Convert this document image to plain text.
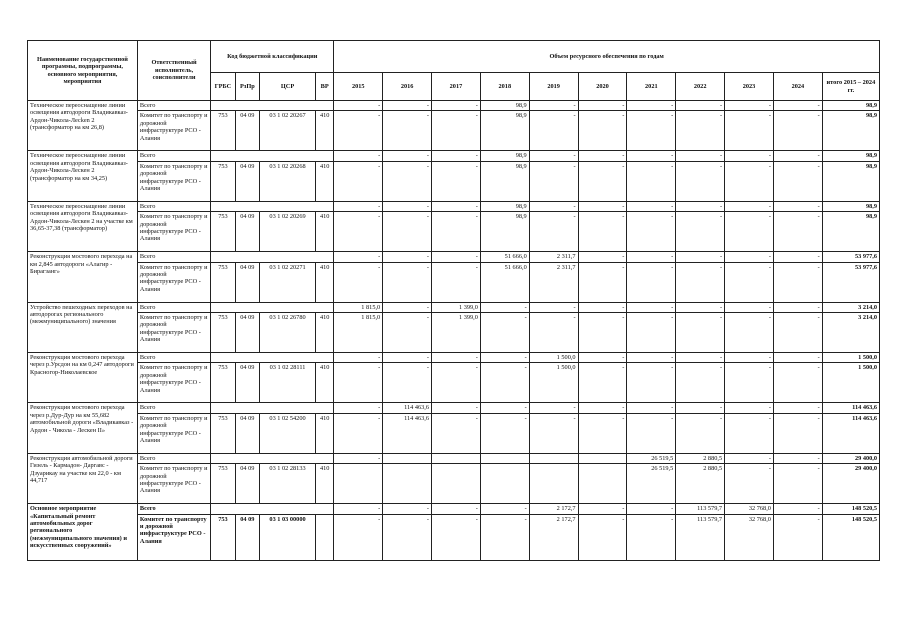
Наименование государственной программы, подпрограммы, основного мероприятия, мероприятия	Ответственный исполнитель, соисполнители	Код бюджетной классификации				Объем ресурсного обеспечения по годам										
		ГРБС	РзПр	ЦСР	ВР	2015	2016	2017	2018	2019	2020	2021	2022	2023	2024	итого 2015 – 2024 гг.
Техническое переоснащение линии освещения автодороги Владикавказ-Ардон-Чикола-Лесken 2 (трансформатор на км 26,8)	Всего					-	-	-	98,9	-	-	-	-	-	-	98,9
	Комитет по транспорту и дорожной инфраструктуре РСО - Алания	753	04 09	03 1 02 20267	410	-	-	-	98,9	-	-	-	-	-	-	98,9
Техническое переоснащение линии освещения автодороги Владикавказ-Ардон-Чикола-Лескен 2 (трансформатор на км 34,25)	Всего					-	-	-	98,9	-	-	-	-	-	-	98,9
	Комитет по транспорту и дорожной инфраструктуре РСО - Алания	753	04 09	03 1 02 20268	410	-	-	-	98,9	-	-	-	-	-	-	98,9
Техническое переоснащение линии освещения автодороги Владикавказ-Ардон-Чикола-Лескен 2 на участке км 36,65-37,38 (трансформатор)	Всего					-	-	-	98,9	-	-	-	-	-	-	98,9
	Комитет по транспорту и дорожной инфраструктуре РСО - Алания	753	04 09	03 1 02 20269	410	-	-	-	98,9	-	-	-	-	-	-	98,9
Реконструкция мостового перехода на км 2,845 автодороги «Алагир - Бирагзанг»	Всего					-	-	-	51 666,0	2 311,7	-	-	-	-	-	53 977,6
	Комитет по транспорту и дорожной инфраструктуре РСО - Алания	753	04 09	03 1 02 20271	410	-	-	-	51 666,0	2 311,7	-	-	-	-	-	53 977,6
Устройство пешеходных переходов на автодорогах регионального (межмуниципального) значения	Всего					1 815,0	-	1 399,0	-	-	-	-	-	-	-	3 214,0
	Комитет по транспорту и дорожной инфраструктуре РСО - Алания	753	04 09	03 1 02 26780	410	1 815,0	-	1 399,0	-	-	-	-	-	-	-	3 214,0
Реконструкция мостового перехода через р.Урсдон на км 0,247 автодороги Красногор-Николаевское	Всего					-	-	-	-	1 500,0	-	-	-	-	-	1 500,0
	Комитет по транспорту и дорожной инфраструктуре РСО - Алания	753	04 09	03 1 02 28111	410	-	-	-	-	1 500,0	-	-	-	-	-	1 500,0
Реконструкция мостового перехода через р.Дур-Дур на км 55,682 автомобильной дороги «Владикавказ - Ардон - Чикола - Лескен II»	Всего					-	114 463,6	-	-	-	-	-	-	-	-	114 463,6
	Комитет по транспорту и дорожной инфраструктуре РСО - Алания	753	04 09	03 1 02 54200	410	-	114 463,6	-	-	-	-	-	-	-	-	114 463,6
Реконструкция автомобильной дороги Гизель - Кармадон- Даргавс - Дзуарикау на участке км 22,0 - км 44,717	Всего					-						26 519,5	2 880,5	-	-	29 400,0
	Комитет по транспорту и дорожной инфраструктуре РСО - Алания	753	04 09	03 1 02 28133	410							26 519,5	2 880,5	-	-	29 400,0
Основное мероприятие «Капитальный ремонт автомобильных дорог регионального (межмуниципального значения) и искусственных сооружений»	Всего					-	-	-	-	2 172,7	-	-	113 579,7	32 768,0	-	148 520,5
	Комитет по транспорту и дорожной инфраструктуре РСО - Алания	753	04 09	03 1 03 00000		-	-	-	-	2 172,7	-	-	113 579,7	32 768,0	-	148 520,5
